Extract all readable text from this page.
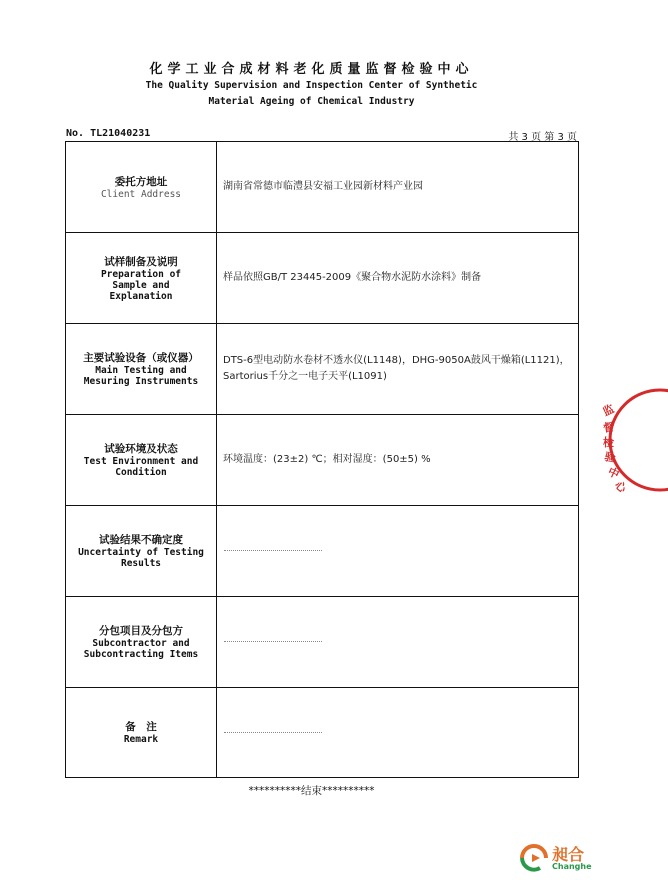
化学工业合成材料老化质量监督检验中心
The Quality Supervision and Inspection Center of Synthetic
Material Ageing of Chemical Industry
No. TL21040231	共 3 页 第 3 页
委托方地址
Client Address	湖南省常德市临澧县安福工业园新材料产业园

试样制备及说明
Preparation of Sample and Explanation	样品依照GB/T 23445-2009《聚合物水泥防水涂料》制备

主要试验设备（或仪器）
Main Testing and Mesuring Instruments	DTS-6型电动防水卷材不透水仪(L1148)，DHG-9050A鼓风干燥箱(L1121)，Sartorius千分之一电子天平(L1091)

试验环境及状态
Test Environment and Condition	环境温度：(23±2) ℃；相对湿度：(50±5) %

试验结果不确定度
Uncertainty of Testing Results	

分包项目及分包方
Subcontractor and Subcontracting Items	

备　注
Remark	

**********结束**********
监
督
检
验
中
心
昶合
Changhe
